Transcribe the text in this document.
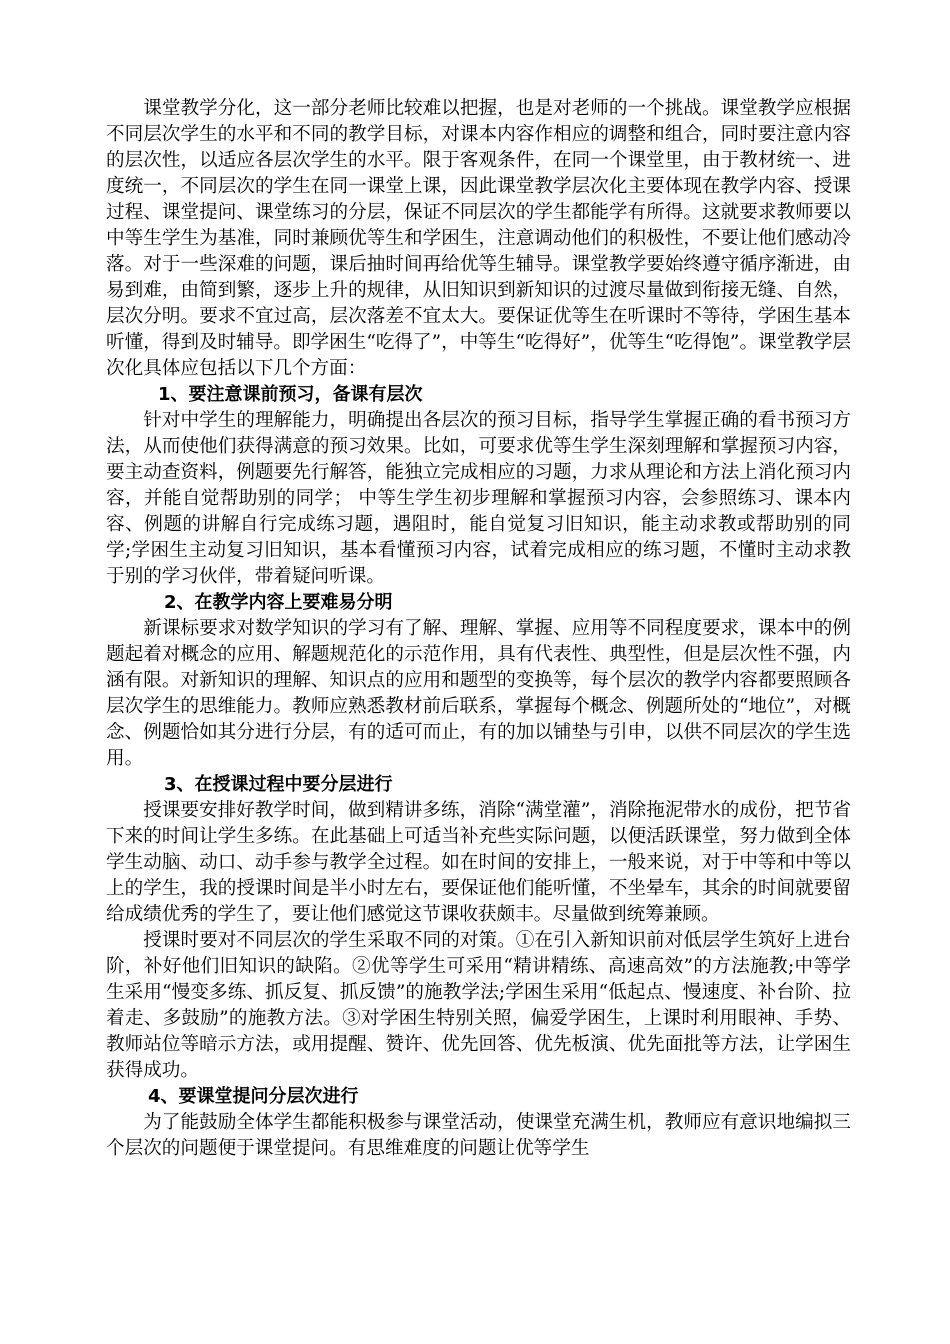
课堂教学分化，这一部分老师比较难以把握，也是对老师的一个挑战。课堂教学应根据不同层次学生的水平和不同的教学目标，对课本内容作相应的调整和组合，同时要注意内容的层次性，以适应各层次学生的水平。限于客观条件，在同一个课堂里，由于教材统一、进度统一，不同层次的学生在同一课堂上课，因此课堂教学层次化主要体现在教学内容、授课过程、课堂提问、课堂练习的分层，保证不同层次的学生都能学有所得。这就要求教师要以中等生学生为基准，同时兼顾优等生和学困生，注意调动他们的积极性，不要让他们感动冷落。对于一些深难的问题，课后抽时间再给优等生辅导。课堂教学要始终遵守循序渐进，由易到难，由简到繁，逐步上升的规律，从旧知识到新知识的过渡尽量做到衔接无缝、自然，层次分明。要求不宜过高，层次落差不宜太大。要保证优等生在听课时不等待，学困生基本听懂，得到及时辅导。即学困生“吃得了”，中等生“吃得好”，优等生“吃得饱”。课堂教学层次化具体应包括以下几个方面：

1、要注意课前预习，备课有层次

针对中学生的理解能力，明确提出各层次的预习目标，指导学生掌握正确的看书预习方法，从而使他们获得满意的预习效果。比如，可要求优等生学生深刻理解和掌握预习内容，要主动查资料，例题要先行解答，能独立完成相应的习题，力求从理论和方法上消化预习内容，并能自觉帮助别的同学； 中等生学生初步理解和掌握预习内容，会参照练习、课本内容、例题的讲解自行完成练习题，遇阻时，能自觉复习旧知识，能主动求教或帮助别的同学;学困生主动复习旧知识，基本看懂预习内容，试着完成相应的练习题，不懂时主动求教于别的学习伙伴，带着疑问听课。

2、在教学内容上要难易分明

新课标要求对数学知识的学习有了解、理解、掌握、应用等不同程度要求，课本中的例题起着对概念的应用、解题规范化的示范作用，具有代表性、典型性，但是层次性不强，内涵有限。对新知识的理解、知识点的应用和题型的变换等，每个层次的教学内容都要照顾各层次学生的思维能力。教师应熟悉教材前后联系，掌握每个概念、例题所处的“地位”，对概念、例题恰如其分进行分层，有的适可而止，有的加以铺垫与引申，以供不同层次的学生选用。

3、在授课过程中要分层进行

授课要安排好教学时间，做到精讲多练，消除“满堂灌”，消除拖泥带水的成份，把节省下来的时间让学生多练。在此基础上可适当补充些实际问题，以便活跃课堂，努力做到全体学生动脑、动口、动手参与教学全过程。如在时间的安排上，一般来说，对于中等和中等以上的学生，我的授课时间是半小时左右，要保证他们能听懂，不坐晕车，其余的时间就要留给成绩优秀的学生了，要让他们感觉这节课收获颇丰。尽量做到统筹兼顾。

授课时要对不同层次的学生采取不同的对策。①在引入新知识前对低层学生筑好上进台阶，补好他们旧知识的缺陷。②优等学生可采用“精讲精练、高速高效”的方法施教;中等学生采用“慢变多练、抓反复、抓反馈”的施教学法;学困生采用“低起点、慢速度、补台阶、拉着走、多鼓励”的施教方法。③对学困生特别关照，偏爱学困生，上课时利用眼神、手势、教师站位等暗示方法，或用提醒、赞许、优先回答、优先板演、优先面批等方法，让学困生获得成功。

4、要课堂提问分层次进行

为了能鼓励全体学生都能积极参与课堂活动，使课堂充满生机，教师应有意识地编拟三个层次的问题便于课堂提问。有思维难度的问题让优等学生
